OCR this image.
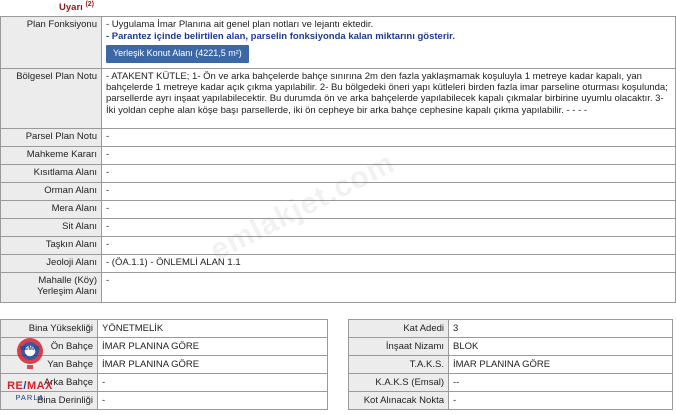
Uyarı $^{(2)}$
Plan Fonksiyonu	- Uygulama İmar Planına ait genel plan notları ve lejantı ektedir.
- Parantez içinde belirtilen alan, parselin fonksiyonda kalan miktarını gösterir.
Yerleşik Konut Alanı (4221,5 m²)
Bölgesel Plan Notu	- ATAKENT KÜTLE; 1- Ön ve arka bahçelerde bahçe sınırına 2m den fazla yaklaşmamak koşuluyla 1 metreye kadar kapalı, yan bahçelerde 1 metreye kadar açık çıkma yapılabilir. 2- Bu bölgedeki öneri yapı kütleleri birden fazla imar parseline oturması koşulunda; parsellerde ayrı inşaat yapılabilecektir. Bu durumda ön ve arka bahçelerde yapılabilecek kapalı çıkmalar birbirine uyumlu olacaktır. 3- İki yoldan cephe alan köşe başı parsellerde, iki ön cepheye bir arka bahçe cephesine kapalı çıkma yapılabilir. - - - -
Parsel Plan Notu	-
Mahkeme Kararı	-
Kısıtlama Alanı	-
Orman Alanı	-
Mera Alanı	-
Sit Alanı	-
Taşkın Alanı	-
Jeoloji Alanı	- (ÖA.1.1) - ÖNLEMLİ ALAN 1.1
Mahalle (Köy) Yerleşim Alanı	-
Bina Yüksekliği	YÖNETMELİK
Ön Bahçe	İMAR PLANINA GÖRE
Yan Bahçe	İMAR PLANINA GÖRE
Arka Bahçe	-
Bina Derinliği	-
Kat Adedi	3
İnşaat Nizamı	BLOK
T.A.K.S.	İMAR PLANINA GÖRE
K.A.K.S (Emsal)	--
Kot Alınacak Nokta	-
RE/MAX
RE/MAX
PARLA
